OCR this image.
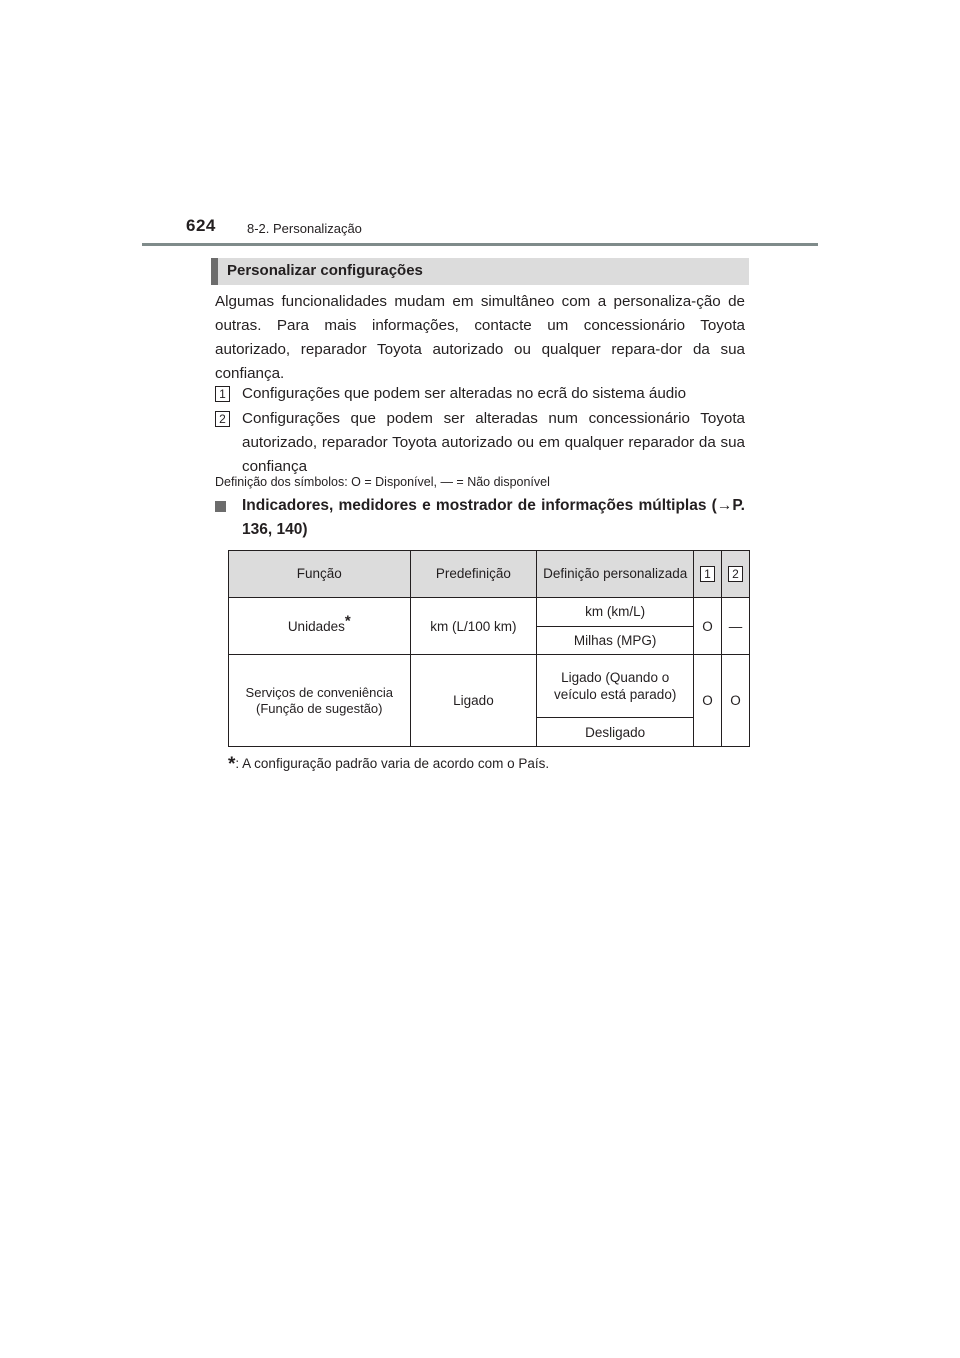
624 8-2. Personalização
Personalizar configurações
Algumas funcionalidades mudam em simultâneo com a personaliza-ção de outras. Para mais informações, contacte um concessionário Toyota autorizado, reparador Toyota autorizado ou qualquer repara-dor da sua confiança.
1 Configurações que podem ser alteradas no ecrã do sistema áudio
2 Configurações que podem ser alteradas num concessionário Toyota autorizado, reparador Toyota autorizado ou em qualquer reparador da sua confiança
Definição dos símbolos: O = Disponível, — = Não disponível
Indicadores, medidores e mostrador de informações múltiplas (→P. 136, 140)
Função	Predefinição	Definição personalizada	1	2
Unidades*	km (L/100 km)	km (km/L)	O	—
		Milhas (MPG)		
Serviços de conveniência (Função de sugestão)	Ligado	Ligado (Quando o veículo está parado)	O	O
		Desligado		
*: A configuração padrão varia de acordo com o País.
